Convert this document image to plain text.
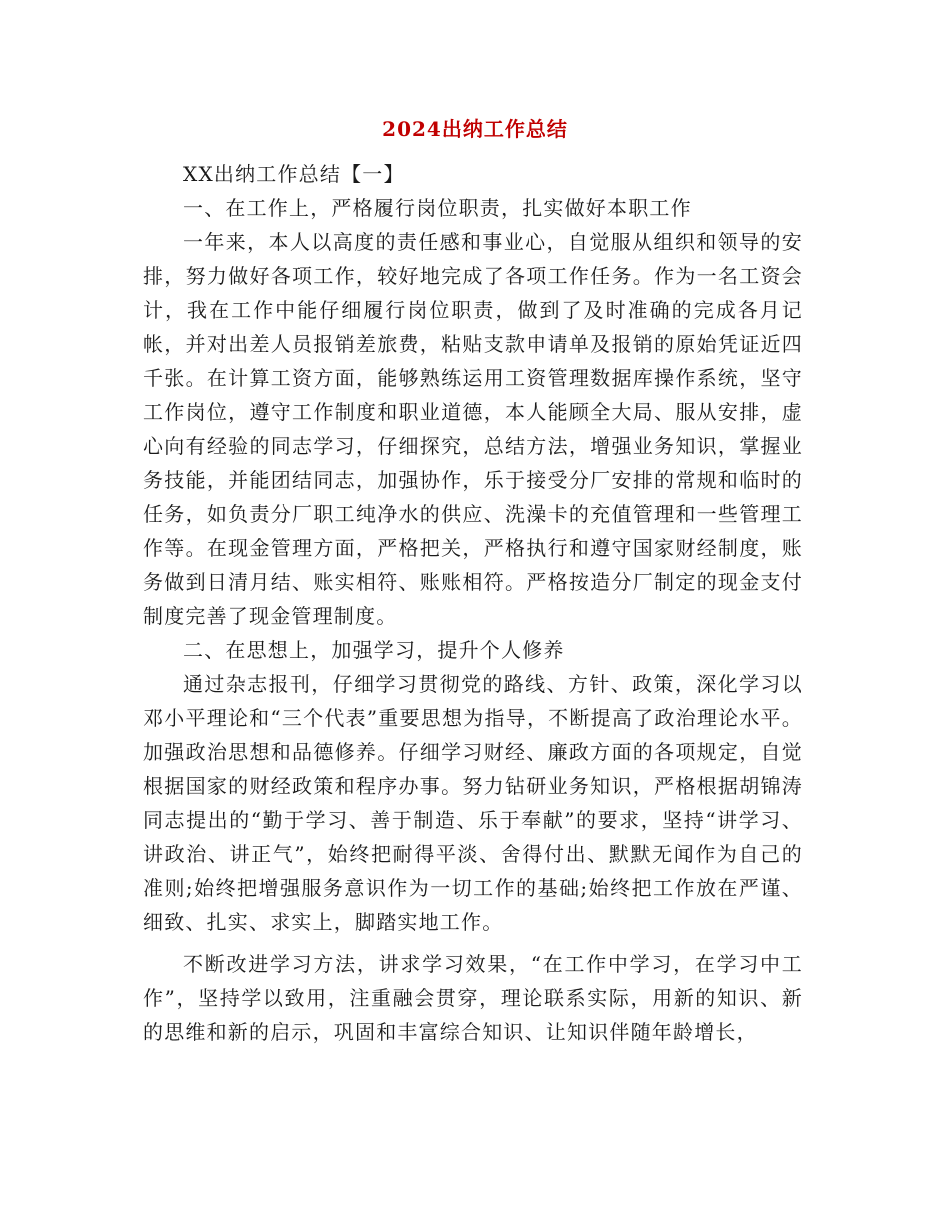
2024出纳工作总结

XX出纳工作总结【一】

一、在工作上，严格履行岗位职责，扎实做好本职工作

一年来，本人以高度的责任感和事业心，自觉服从组织和领导的安排，努力做好各项工作，较好地完成了各项工作任务。作为一名工资会计，我在工作中能仔细履行岗位职责，做到了及时准确的完成各月记帐，并对出差人员报销差旅费，粘贴支款申请单及报销的原始凭证近四千张。在计算工资方面，能够熟练运用工资管理数据库操作系统，坚守工作岗位，遵守工作制度和职业道德，本人能顾全大局、服从安排，虚心向有经验的同志学习，仔细探究，总结方法，增强业务知识，掌握业务技能，并能团结同志，加强协作，乐于接受分厂安排的常规和临时的任务，如负责分厂职工纯净水的供应、洗澡卡的充值管理和一些管理工作等。在现金管理方面，严格把关，严格执行和遵守国家财经制度，账务做到日清月结、账实相符、账账相符。严格按造分厂制定的现金支付制度完善了现金管理制度。

二、在思想上，加强学习，提升个人修养

通过杂志报刊，仔细学习贯彻党的路线、方针、政策，深化学习以邓小平理论和“三个代表”重要思想为指导，不断提高了政治理论水平。加强政治思想和品德修养。仔细学习财经、廉政方面的各项规定，自觉根据国家的财经政策和程序办事。努力钻研业务知识，严格根据胡锦涛同志提出的“勤于学习、善于制造、乐于奉献”的要求，坚持“讲学习、讲政治、讲正气”，始终把耐得平淡、舍得付出、默默无闻作为自己的准则;始终把增强服务意识作为一切工作的基础;始终把工作放在严谨、细致、扎实、求实上，脚踏实地工作。

不断改进学习方法，讲求学习效果，“在工作中学习，在学习中工作”，坚持学以致用，注重融会贯穿，理论联系实际，用新的知识、新的思维和新的启示，巩固和丰富综合知识、让知识伴随年龄增长，
